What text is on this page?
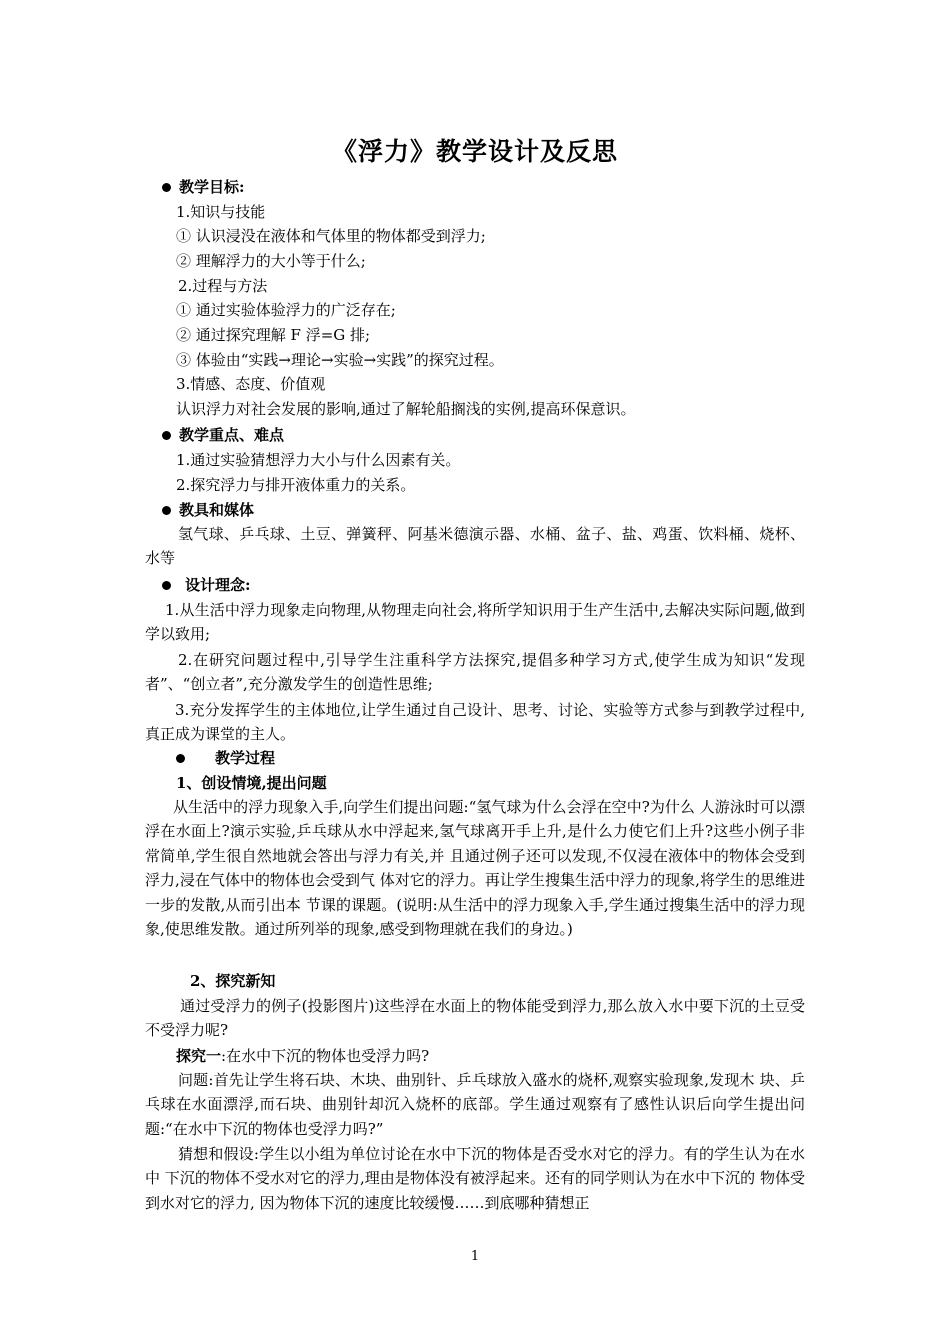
《浮力》教学设计及反思
教学目标:
1.知识与技能
① 认识浸没在液体和气体里的物体都受到浮力;
② 理解浮力的大小等于什么;
2.过程与方法
① 通过实验体验浮力的广泛存在;
② 通过探究理解 F 浮=G 排;
③ 体验由“实践→理论→实验→实践”的探究过程。
3.情感、态度、价值观
认识浮力对社会发展的影响,通过了解轮船搁浅的实例,提高环保意识。
教学重点、难点
1.通过实验猜想浮力大小与什么因素有关。
2.探究浮力与排开液体重力的关系。
教具和媒体
氢气球、乒乓球、土豆、弹簧秤、阿基米德演示器、水桶、盆子、盐、鸡蛋、饮料桶、烧杯、水等
设计理念:
1.从生活中浮力现象走向物理,从物理走向社会,将所学知识用于生产生活中,去解决实际问题,做到学以致用;
2.在研究问题过程中,引导学生注重科学方法探究,提倡多种学习方式,使学生成为知识“发现者”、“创立者”,充分激发学生的创造性思维;
3.充分发挥学生的主体地位,让学生通过自己设计、思考、讨论、实验等方式参与到教学过程中,真正成为课堂的主人。
教学过程
1、创设情境,提出问题
从生活中的浮力现象入手,向学生们提出问题:“氢气球为什么会浮在空中?为什么 人游泳时可以漂浮在水面上?演示实验,乒乓球从水中浮起来,氢气球离开手上升,是什么力使它们上升?这些小例子非常简单,学生很自然地就会答出与浮力有关,并 且通过例子还可以发现,不仅浸在液体中的物体会受到浮力,浸在气体中的物体也会受到气 体对它的浮力。再让学生搜集生活中浮力的现象,将学生的思维进一步的发散,从而引出本 节课的课题。(说明:从生活中的浮力现象入手,学生通过搜集生活中的浮力现象,使思维发散。通过所列举的现象,感受到物理就在我们的身边。)
2、探究新知
通过受浮力的例子(投影图片)这些浮在水面上的物体能受到浮力,那么放入水中要下沉的土豆受不受浮力呢?
探究一:在水中下沉的物体也受浮力吗?
问题:首先让学生将石块、木块、曲别针、乒乓球放入盛水的烧杯,观察实验现象,发现木 块、乒乓球在水面漂浮,而石块、曲别针却沉入烧杯的底部。学生通过观察有了感性认识后向学生提出问题:“在水中下沉的物体也受浮力吗?”
猜想和假设:学生以小组为单位讨论在水中下沉的物体是否受水对它的浮力。有的学生认为在水中 下沉的物体不受水对它的浮力,理由是物体没有被浮起来。还有的同学则认为在水中下沉的 物体受到水对它的浮力, 因为物体下沉的速度比较缓慢……到底哪种猜想正
1
